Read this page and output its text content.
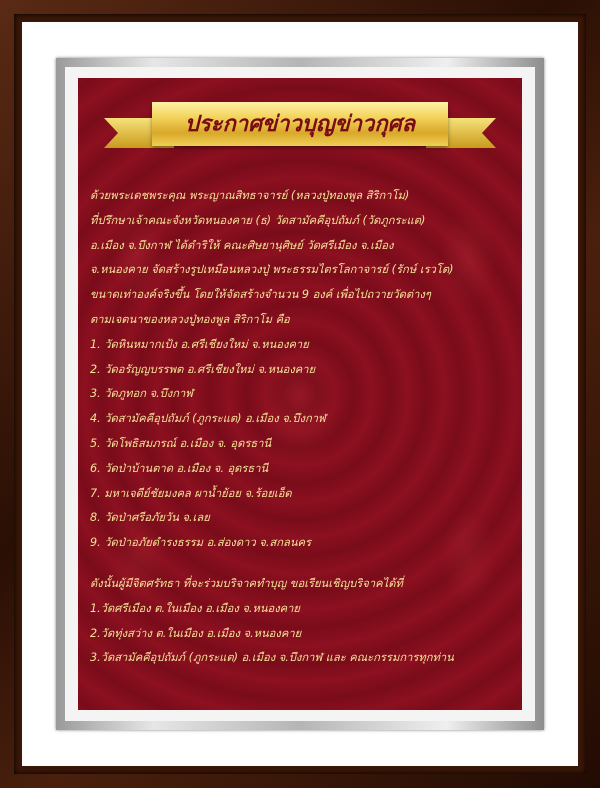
ประกาศข่าวบุญข่าวกุศล
ด้วยพระเดชพระคุณ พระญาณสิทธาจารย์ (หลวงปู่ทองพูล สิริกาโม)
ที่ปรึกษาเจ้าคณะจังหวัดหนองคาย (ธ) วัดสามัคคีอุปถัมภ์ (วัดภูกระแต)
อ.เมือง จ.บึงกาฬ ได้ดำริให้ คณะศิษยานุศิษย์ วัดศรีเมือง จ.เมือง
จ.หนองคาย จัดสร้างรูปเหมือนหลวงปู่ พระธรรมไตรโลกาจารย์ (รักษ์ เรวโต)
ขนาดเท่าองค์จริงขึ้น โดยให้จัดสร้างจำนวน 9 องค์ เพื่อไปถวายวัดต่างๆ
ตามเจตนาของหลวงปู่ทองพูล สิริกาโม คือ
1. วัดหินหมากเป้ง อ.ศรีเชียงใหม่ จ.หนองคาย
2. วัดอรัญญบรรพต อ.ศรีเชียงใหม่ จ.หนองคาย
3. วัดภูทอก จ.บึงกาฬ
4. วัดสามัคคีอุปถัมภ์ (ภูกระแต) อ.เมือง จ.บึงกาฬ
5. วัดโพธิสมภรณ์ อ.เมือง จ. อุดรธานี
6. วัดป่าบ้านตาด อ.เมือง จ. อุดรธานี
7. มหาเจดีย์ชัยมงคล ผาน้ำย้อย จ.ร้อยเอ็ด
8. วัดป่าศรีอภัยวัน จ.เลย
9. วัดป่าอภัยดำรงธรรม อ.ส่องดาว จ.สกลนคร
ดังนั้นผู้มีจิตศรัทธา ที่จะร่วมบริจาคทำบุญ ขอเรียนเชิญบริจาคได้ที่
1.วัดศรีเมือง ต.ในเมือง อ.เมือง จ.หนองคาย
2.วัดทุ่งสว่าง ต.ในเมือง อ.เมือง จ.หนองคาย
3.วัดสามัคคีอุปถัมภ์ (ภูกระแต) อ.เมือง จ.บึงกาฬ และ คณะกรรมการทุกท่าน
